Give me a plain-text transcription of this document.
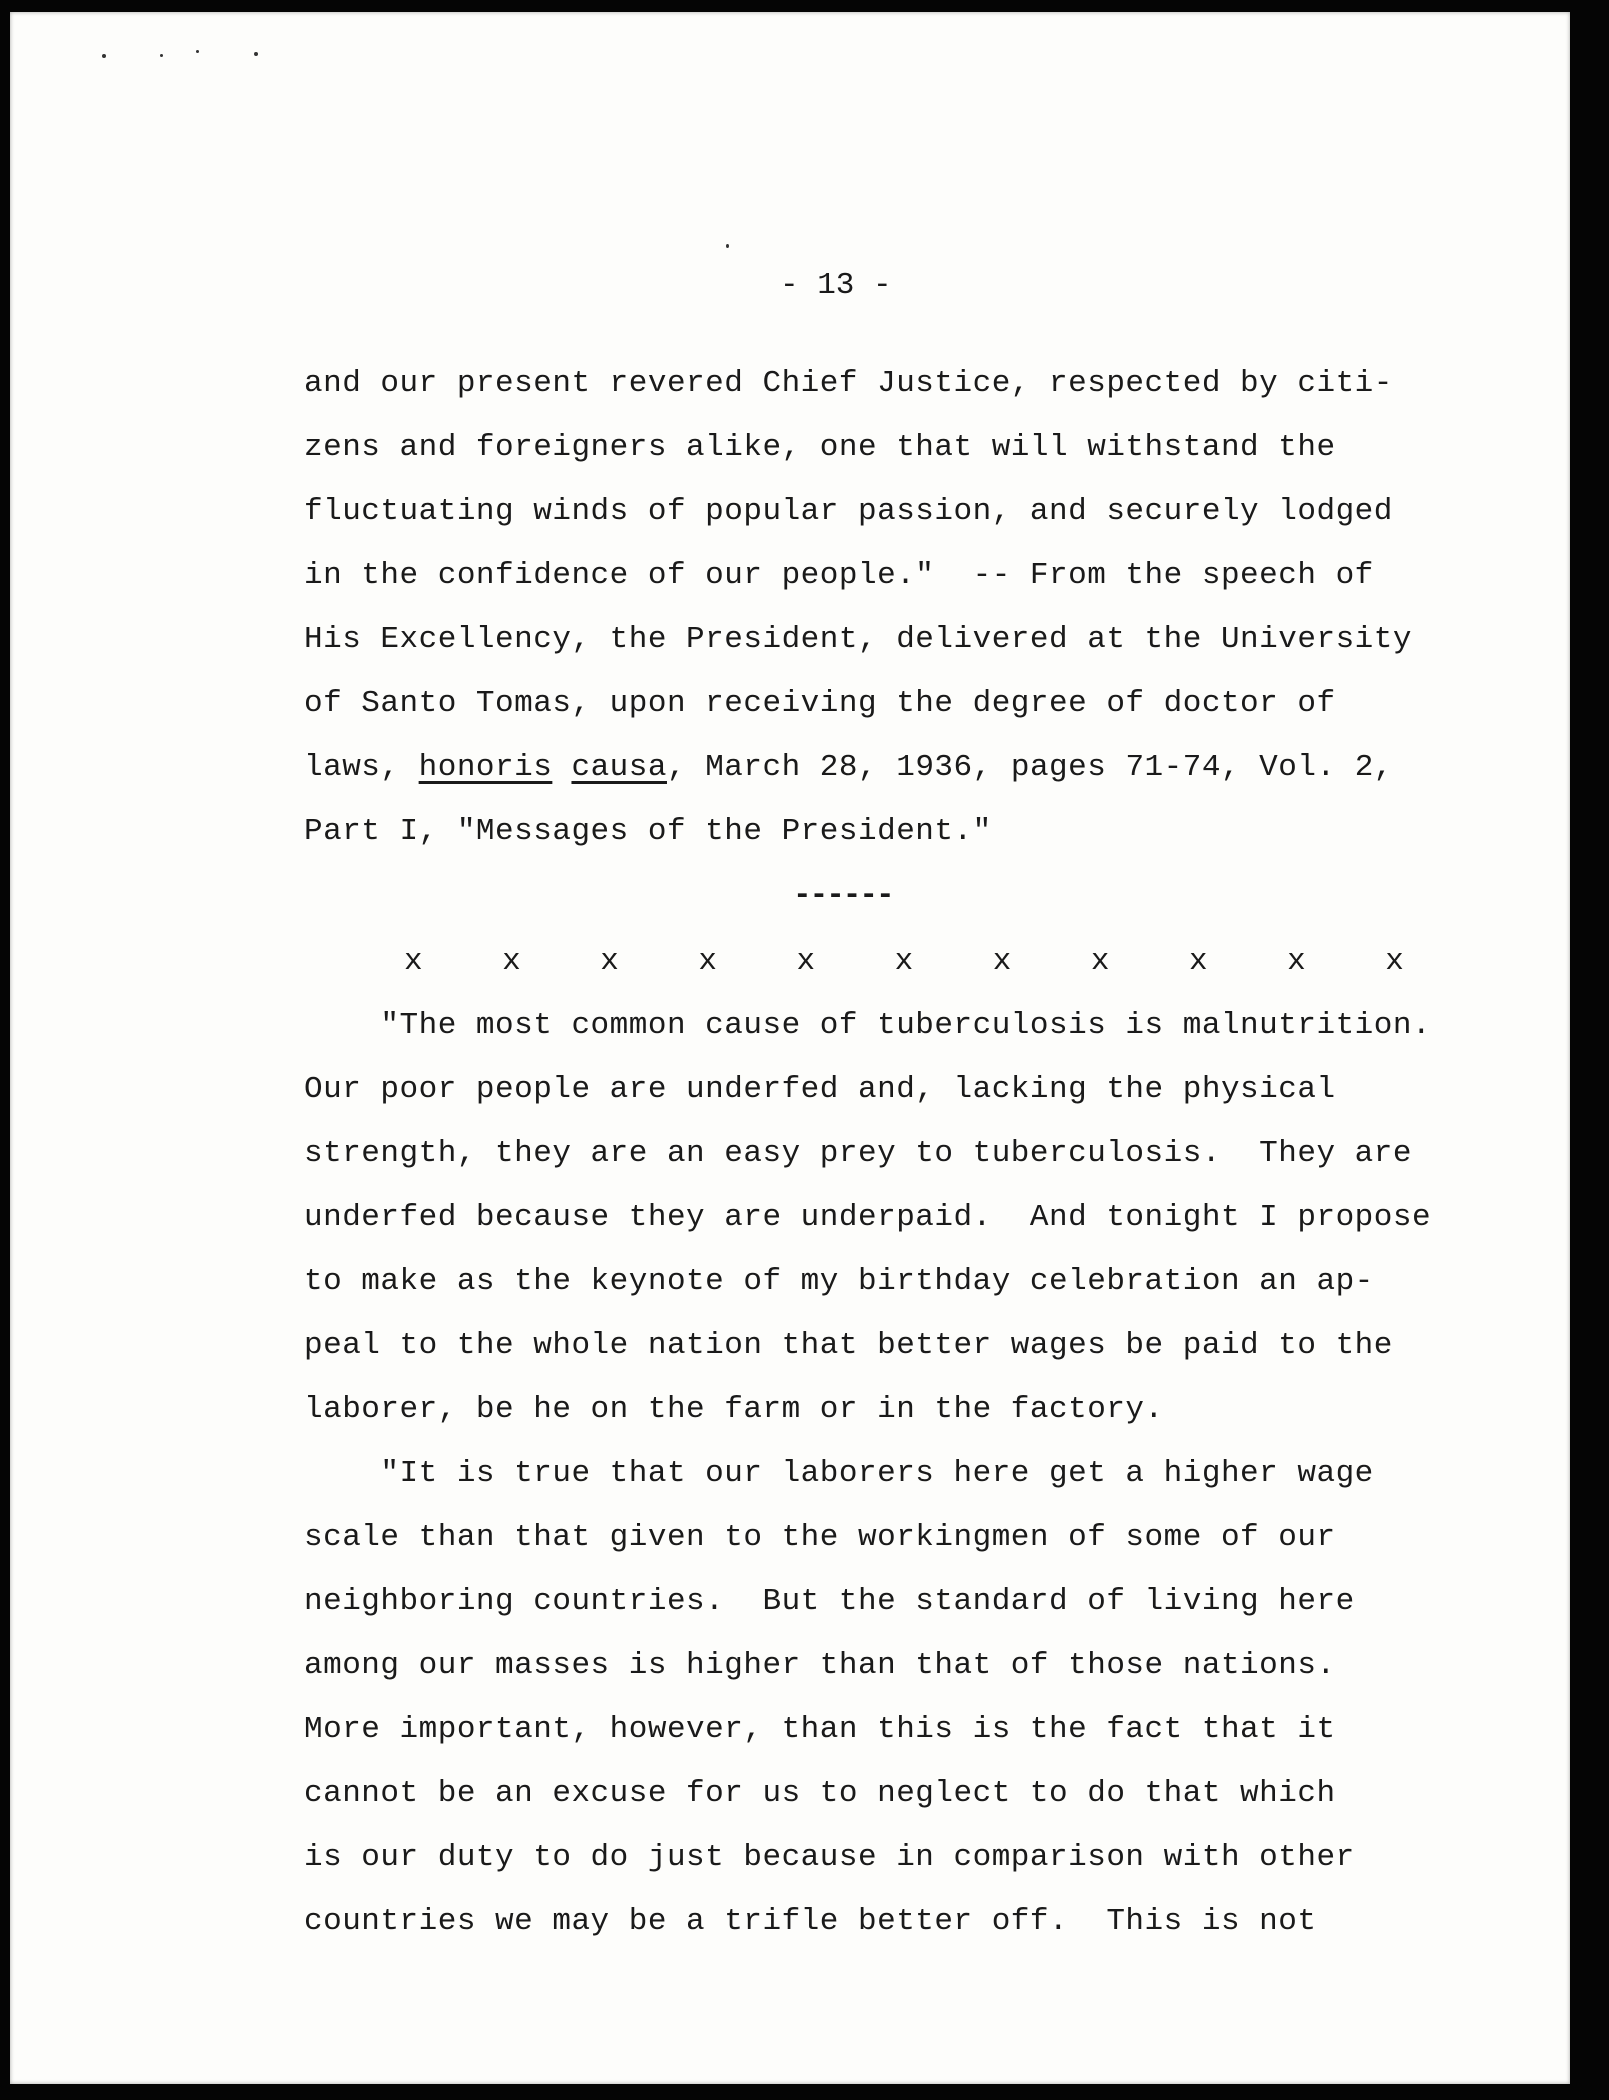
- 13 -
and our present revered Chief Justice, respected by citi-
zens and foreigners alike, one that will withstand the
fluctuating winds of popular passion, and securely lodged
in the confidence of our people."  -- From the speech of
His Excellency, the President, delivered at the University
of Santo Tomas, upon receiving the degree of doctor of
laws, honoris causa, March 28, 1936, pages 71-74, Vol. 2,
Part I, "Messages of the President."
"The most common cause of tuberculosis is malnutrition.
Our poor people are underfed and, lacking the physical
strength, they are an easy prey to tuberculosis.  They are
underfed because they are underpaid.  And tonight I propose
to make as the keynote of my birthday celebration an ap-
peal to the whole nation that better wages be paid to the
laborer, be he on the farm or in the factory.
"It is true that our laborers here get a higher wage
scale than that given to the workingmen of some of our
neighboring countries.  But the standard of living here
among our masses is higher than that of those nations.
More important, however, than this is the fact that it
cannot be an excuse for us to neglect to do that which
is our duty to do just because in comparison with other
countries we may be a trifle better off.  This is not
------
x	x	x	x	x	x	x	x	x	x	x
